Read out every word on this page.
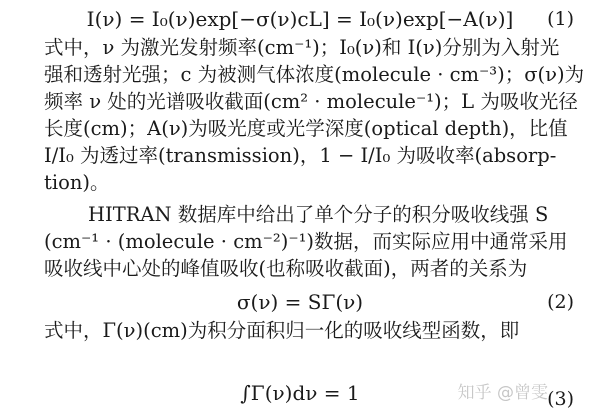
I(ν) = I₀(ν)exp[−σ(ν)cL] = I₀(ν)exp[−A(ν)]	(1)
式中，ν 为激光发射频率(cm⁻¹)；I₀(ν)和 I(ν)分别为入射光
强和透射光强；c 为被测气体浓度(molecule · cm⁻³)；σ(ν)为
频率 ν 处的光谱吸收截面(cm² · molecule⁻¹)；L 为吸收光径
长度(cm)；A(ν)为吸光度或光学深度(optical depth)，比值
I/I₀ 为透过率(transmission)，1 − I/I₀ 为吸收率(absorp-
tion)。
HITRAN 数据库中给出了单个分子的积分吸收线强 S
(cm⁻¹ · (molecule · cm⁻²)⁻¹)数据，而实际应用中通常采用
吸收线中心处的峰值吸收(也称吸收截面)，两者的关系为
σ(ν) = SΓ(ν)	(2)
式中，Γ(ν)(cm)为积分面积归一化的吸收线型函数，即
∫Γ(ν)dν = 1	(3)
知乎 @曾雯
